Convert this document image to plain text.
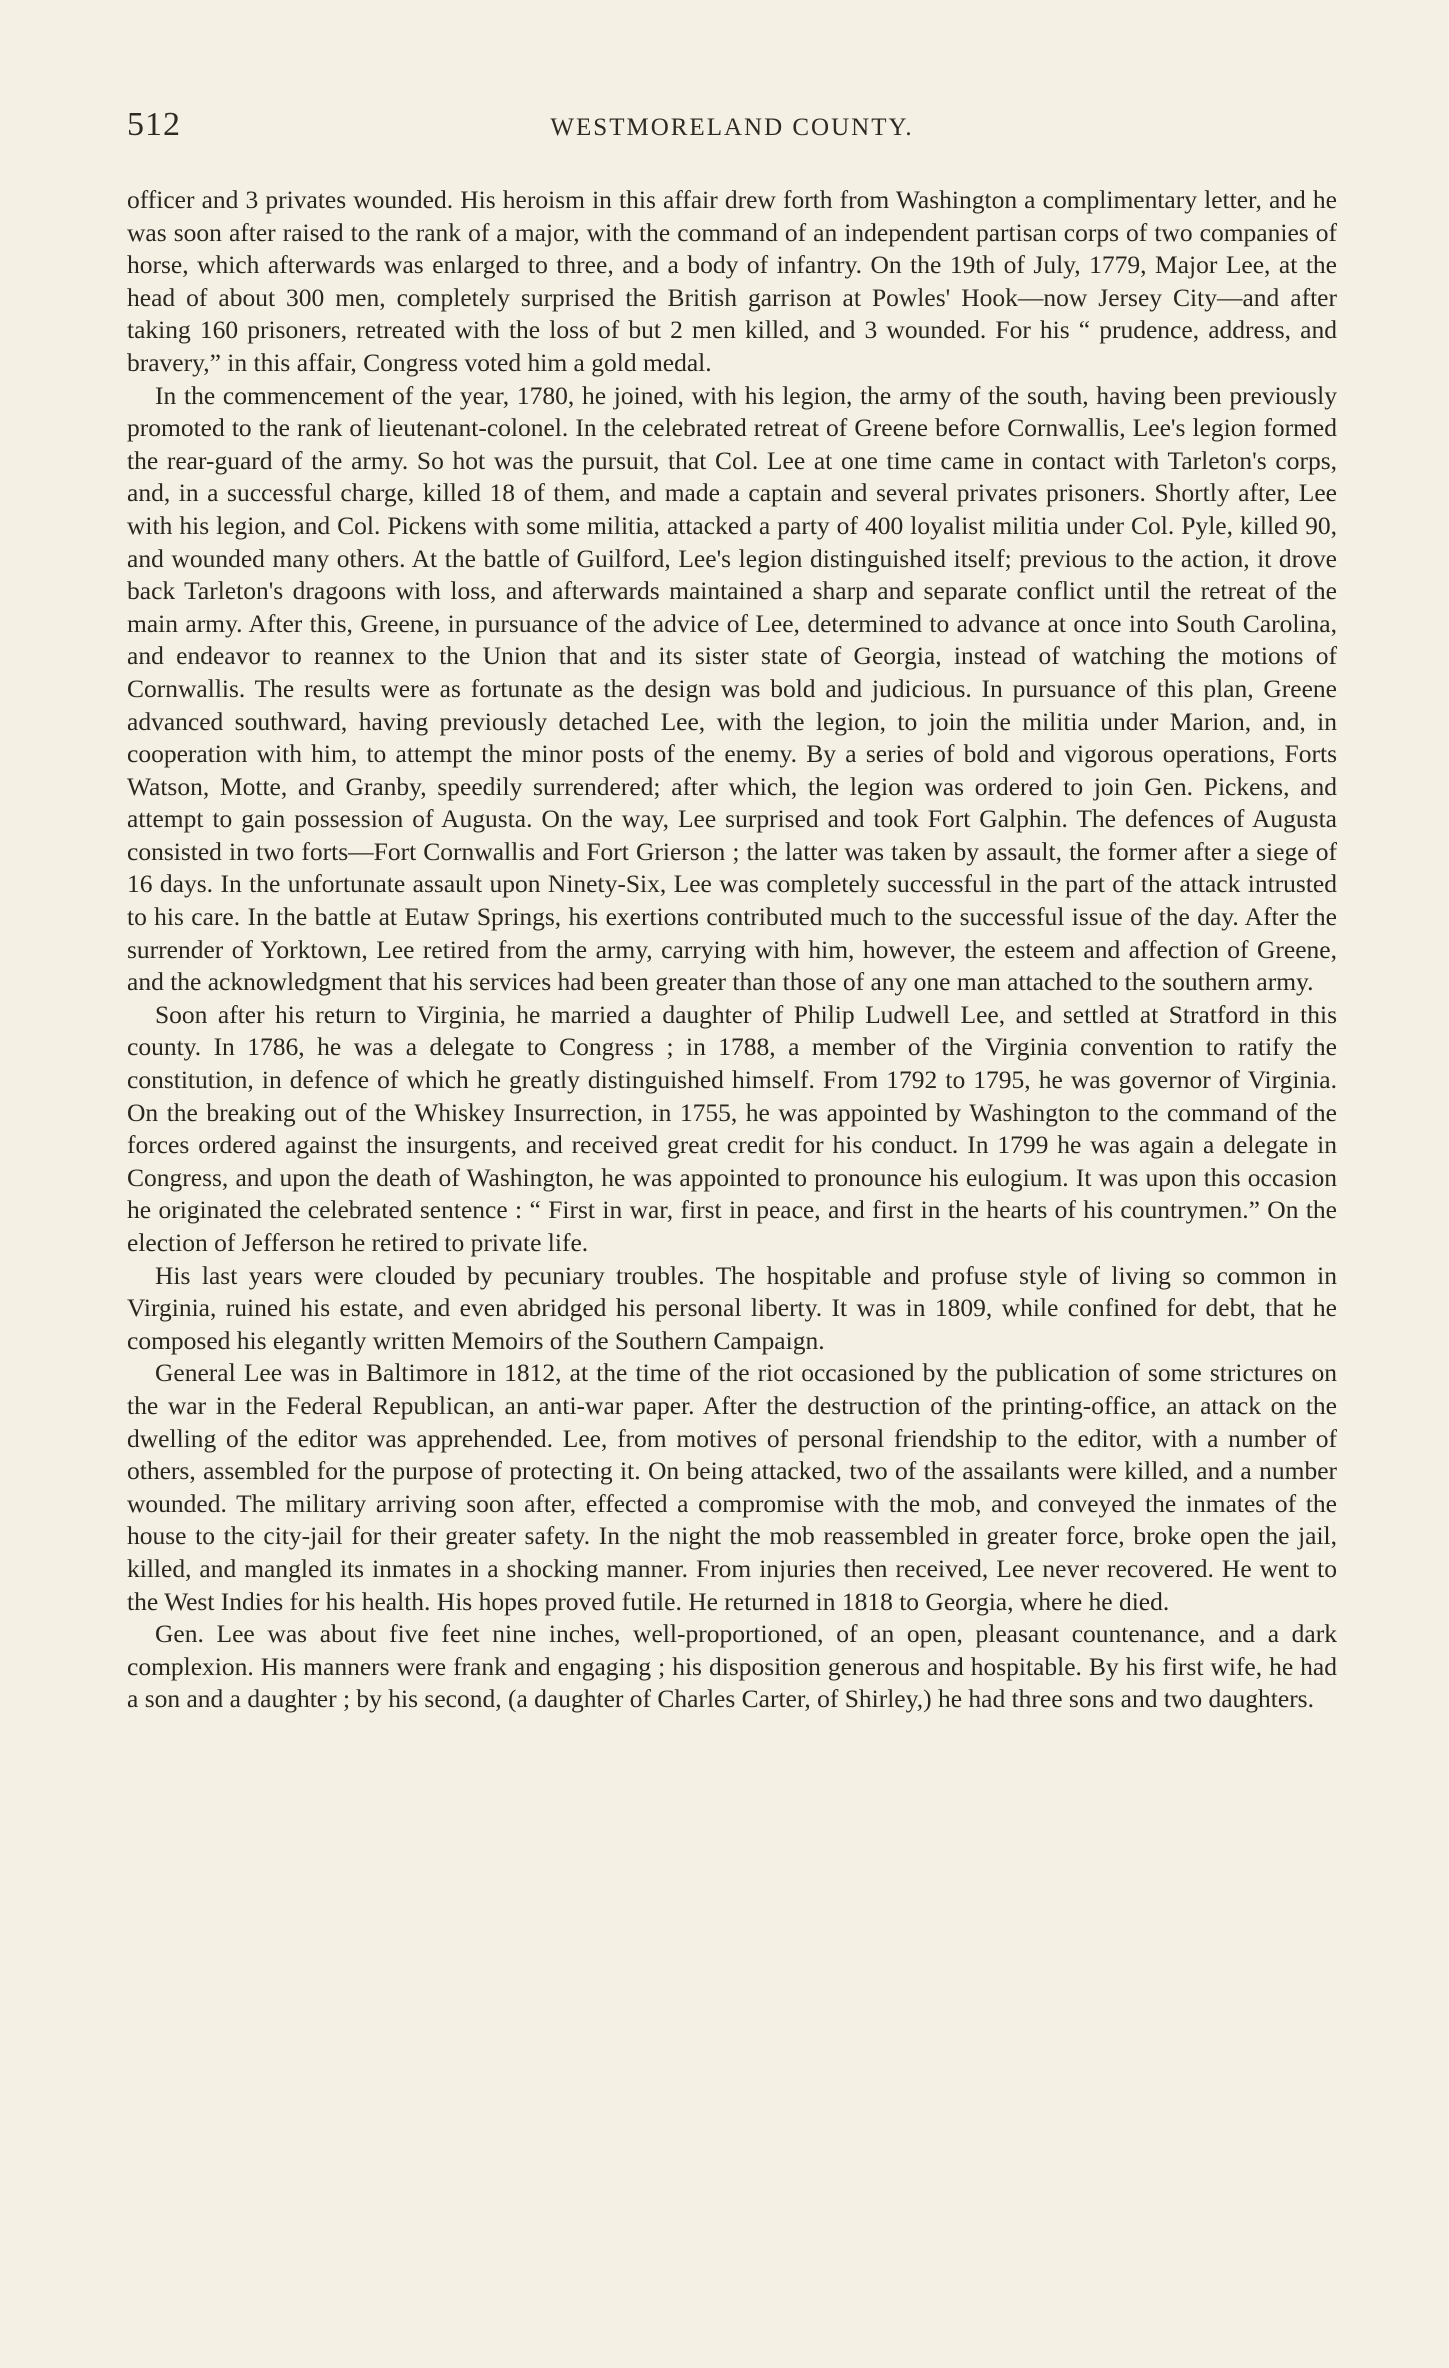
512	WESTMORELAND COUNTY.

officer and 3 privates wounded. His heroism in this affair drew forth from Washington a complimentary letter, and he was soon after raised to the rank of a major, with the command of an independent partisan corps of two companies of horse, which afterwards was enlarged to three, and a body of infantry. On the 19th of July, 1779, Major Lee, at the head of about 300 men, completely surprised the British garrison at Powles' Hook—now Jersey City—and after taking 160 prisoners, retreated with the loss of but 2 men killed, and 3 wounded. For his “ prudence, address, and bravery,” in this affair, Congress voted him a gold medal.

In the commencement of the year, 1780, he joined, with his legion, the army of the south, having been previously promoted to the rank of lieutenant-colonel. In the celebrated retreat of Greene before Cornwallis, Lee's legion formed the rear-guard of the army. So hot was the pursuit, that Col. Lee at one time came in contact with Tarleton's corps, and, in a successful charge, killed 18 of them, and made a captain and several privates prisoners. Shortly after, Lee with his legion, and Col. Pickens with some militia, attacked a party of 400 loyalist militia under Col. Pyle, killed 90, and wounded many others. At the battle of Guilford, Lee's legion distinguished itself; previous to the action, it drove back Tarleton's dragoons with loss, and afterwards maintained a sharp and separate conflict until the retreat of the main army. After this, Greene, in pursuance of the advice of Lee, determined to advance at once into South Carolina, and endeavor to reannex to the Union that and its sister state of Georgia, instead of watching the motions of Cornwallis. The results were as fortunate as the design was bold and judicious. In pursuance of this plan, Greene advanced southward, having previously detached Lee, with the legion, to join the militia under Marion, and, in cooperation with him, to attempt the minor posts of the enemy. By a series of bold and vigorous operations, Forts Watson, Motte, and Granby, speedily surrendered; after which, the legion was ordered to join Gen. Pickens, and attempt to gain possession of Augusta. On the way, Lee surprised and took Fort Galphin. The defences of Augusta consisted in two forts—Fort Cornwallis and Fort Grierson ; the latter was taken by assault, the former after a siege of 16 days. In the unfortunate assault upon Ninety-Six, Lee was completely successful in the part of the attack intrusted to his care. In the battle at Eutaw Springs, his exertions contributed much to the successful issue of the day. After the surrender of Yorktown, Lee retired from the army, carrying with him, however, the esteem and affection of Greene, and the acknowledgment that his services had been greater than those of any one man attached to the southern army.

Soon after his return to Virginia, he married a daughter of Philip Ludwell Lee, and settled at Stratford in this county. In 1786, he was a delegate to Congress ; in 1788, a member of the Virginia convention to ratify the constitution, in defence of which he greatly distinguished himself. From 1792 to 1795, he was governor of Virginia. On the breaking out of the Whiskey Insurrection, in 1755, he was appointed by Washington to the command of the forces ordered against the insurgents, and received great credit for his conduct. In 1799 he was again a delegate in Congress, and upon the death of Washington, he was appointed to pronounce his eulogium. It was upon this occasion he originated the celebrated sentence : “ First in war, first in peace, and first in the hearts of his countrymen.” On the election of Jefferson he retired to private life.

His last years were clouded by pecuniary troubles. The hospitable and profuse style of living so common in Virginia, ruined his estate, and even abridged his personal liberty. It was in 1809, while confined for debt, that he composed his elegantly written Memoirs of the Southern Campaign.

General Lee was in Baltimore in 1812, at the time of the riot occasioned by the publication of some strictures on the war in the Federal Republican, an anti-war paper. After the destruction of the printing-office, an attack on the dwelling of the editor was apprehended. Lee, from motives of personal friendship to the editor, with a number of others, assembled for the purpose of protecting it. On being attacked, two of the assailants were killed, and a number wounded. The military arriving soon after, effected a compromise with the mob, and conveyed the inmates of the house to the city-jail for their greater safety. In the night the mob reassembled in greater force, broke open the jail, killed, and mangled its inmates in a shocking manner. From injuries then received, Lee never recovered. He went to the West Indies for his health. His hopes proved futile. He returned in 1818 to Georgia, where he died.

Gen. Lee was about five feet nine inches, well-proportioned, of an open, pleasant countenance, and a dark complexion. His manners were frank and engaging ; his disposition generous and hospitable. By his first wife, he had a son and a daughter ; by his second, (a daughter of Charles Carter, of Shirley,) he had three sons and two daughters.
